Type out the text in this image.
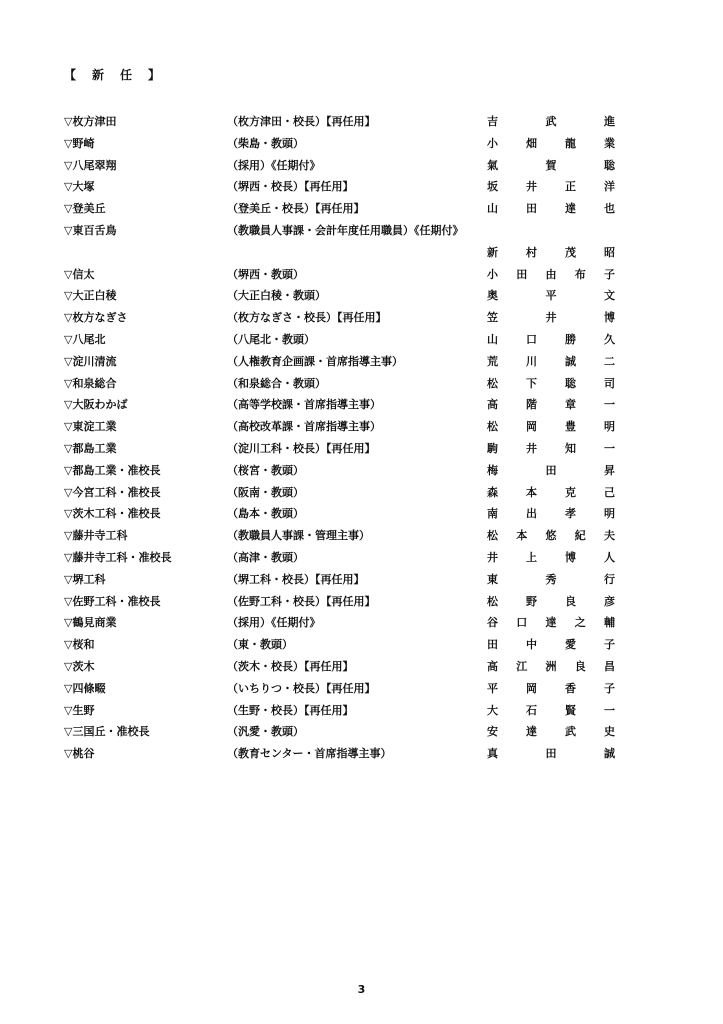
【　新　任　】
▽枚方津田	（枚方津田・校長）【再任用】	吉	武	進
▽野崎	（柴島・教頭）	小	畑	龍	業
▽八尾翠翔	（採用）《任期付》	氣	賀	聡
▽大塚	（堺西・校長）【再任用】	坂	井	正	洋
▽登美丘	（登美丘・校長）【再任用】	山	田	達	也
▽東百舌鳥	（教職員人事課・会計年度任用職員）《任期付》
新	村	茂	昭
▽信太	（堺西・教頭）	小 田 由 布 子
▽大正白稜	（大正白稜・教頭）	奥	平	文
▽枚方なぎさ	（枚方なぎさ・校長）【再任用】	笠	井	博
▽八尾北	（八尾北・教頭）	山	口	勝	久
▽淀川清流	（人権教育企画課・首席指導主事）	荒	川	誠	二
▽和泉総合	（和泉総合・教頭）	松	下	聡	司
▽大阪わかば	（高等学校課・首席指導主事）	高	階	章	一
▽東淀工業	（高校改革課・首席指導主事）	松	岡	豊	明
▽都島工業	（淀川工科・校長）【再任用】	駒	井	知	一
▽都島工業・准校長	（桜宮・教頭）	梅	田	昇
▽今宮工科・准校長	（阪南・教頭）	森	本	克	己
▽茨木工科・准校長	（島本・教頭）	南	出	孝	明
▽藤井寺工科	（教職員人事課・管理主事）	松 本 悠 紀 夫
▽藤井寺工科・准校長	（高津・教頭）	井	上	博	人
▽堺工科	（堺工科・校長）【再任用】	東	秀	行
▽佐野工科・准校長	（佐野工科・校長）【再任用】	松	野	良	彦
▽鶴見商業	（採用）《任期付》	谷 口 達 之 輔
▽桜和	（東・教頭）	田	中	愛	子
▽茨木	（茨木・校長）【再任用】	高 江 洲 良 昌
▽四條畷	（いちりつ・校長）【再任用】	平	岡	香	子
▽生野	（生野・校長）【再任用】	大	石	賢	一
▽三国丘・准校長	（汎愛・教頭）	安	達	武	史
▽桃谷	（教育センター・首席指導主事）	真	田	誠
3
